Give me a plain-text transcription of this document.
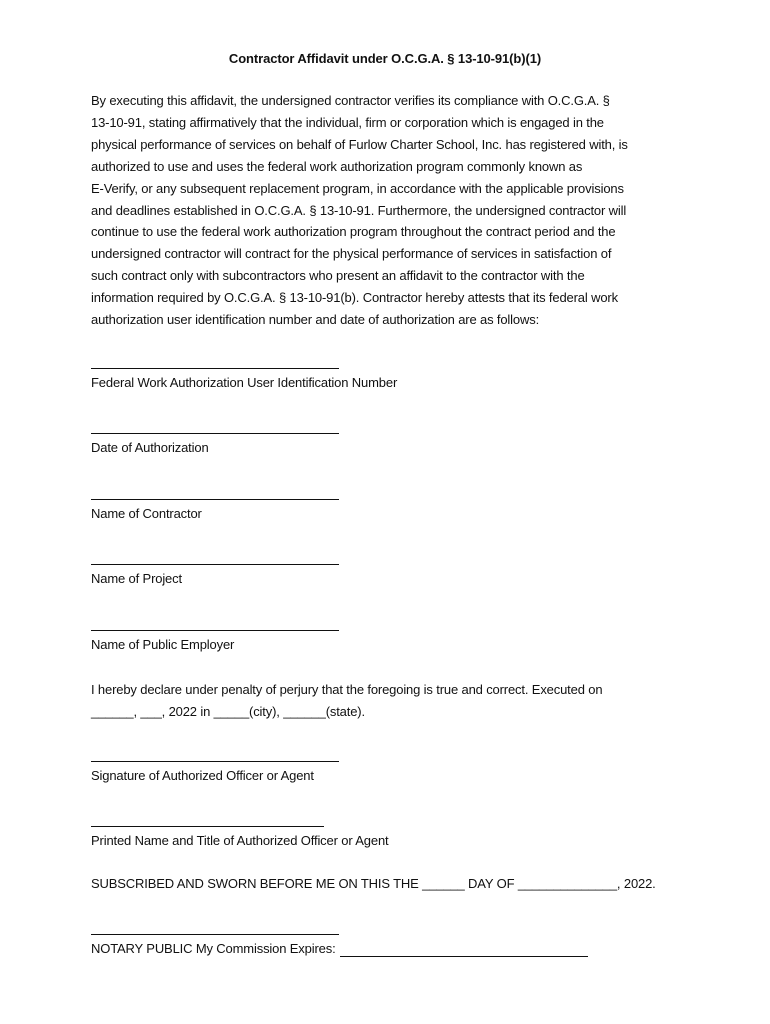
Contractor Affidavit under O.C.G.A. § 13-10-91(b)(1)
By executing this affidavit, the undersigned contractor verifies its compliance with O.C.G.A. §
13-10-91, stating affirmatively that the individual, firm or corporation which is engaged in the
physical performance of services on behalf of Furlow Charter School, Inc. has registered with, is
authorized to use and uses the federal work authorization program commonly known as
E-Verify, or any subsequent replacement program, in accordance with the applicable provisions
and deadlines established in O.C.G.A. § 13-10-91. Furthermore, the undersigned contractor will
continue to use the federal work authorization program throughout the contract period and the
undersigned contractor will contract for the physical performance of services in satisfaction of
such contract only with subcontractors who present an affidavit to the contractor with the
information required by O.C.G.A. § 13-10-91(b). Contractor hereby attests that its federal work
authorization user identification number and date of authorization are as follows:
Federal Work Authorization User Identification Number
Date of Authorization
Name of Contractor
Name of Project
Name of Public Employer
I hereby declare under penalty of perjury that the foregoing is true and correct. Executed on
______, ___, 2022 in _____(city), ______(state).
Signature of Authorized Officer or Agent
Printed Name and Title of Authorized Officer or Agent
SUBSCRIBED AND SWORN BEFORE ME ON THIS THE ______ DAY OF ______________, 2022.
NOTARY PUBLIC My Commission Expires:
